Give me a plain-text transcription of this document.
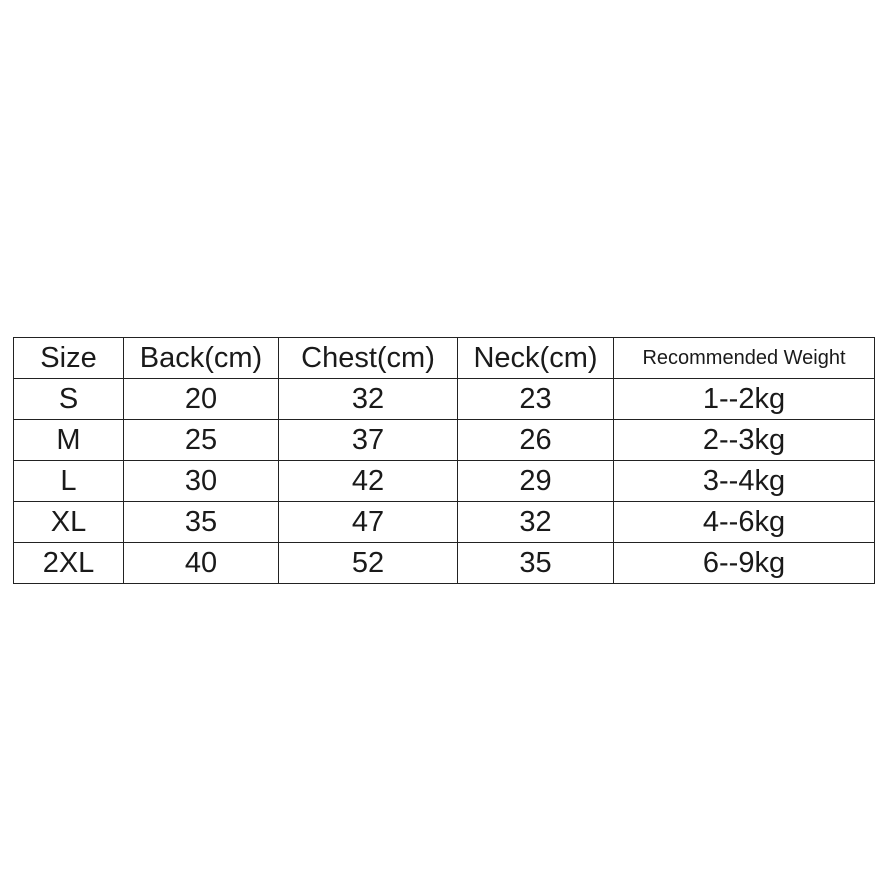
Size	Back(cm)	Chest(cm)	Neck(cm)	Recommended Weight
S	20	32	23	1--2kg
M	25	37	26	2--3kg
L	30	42	29	3--4kg
XL	35	47	32	4--6kg
2XL	40	52	35	6--9kg
